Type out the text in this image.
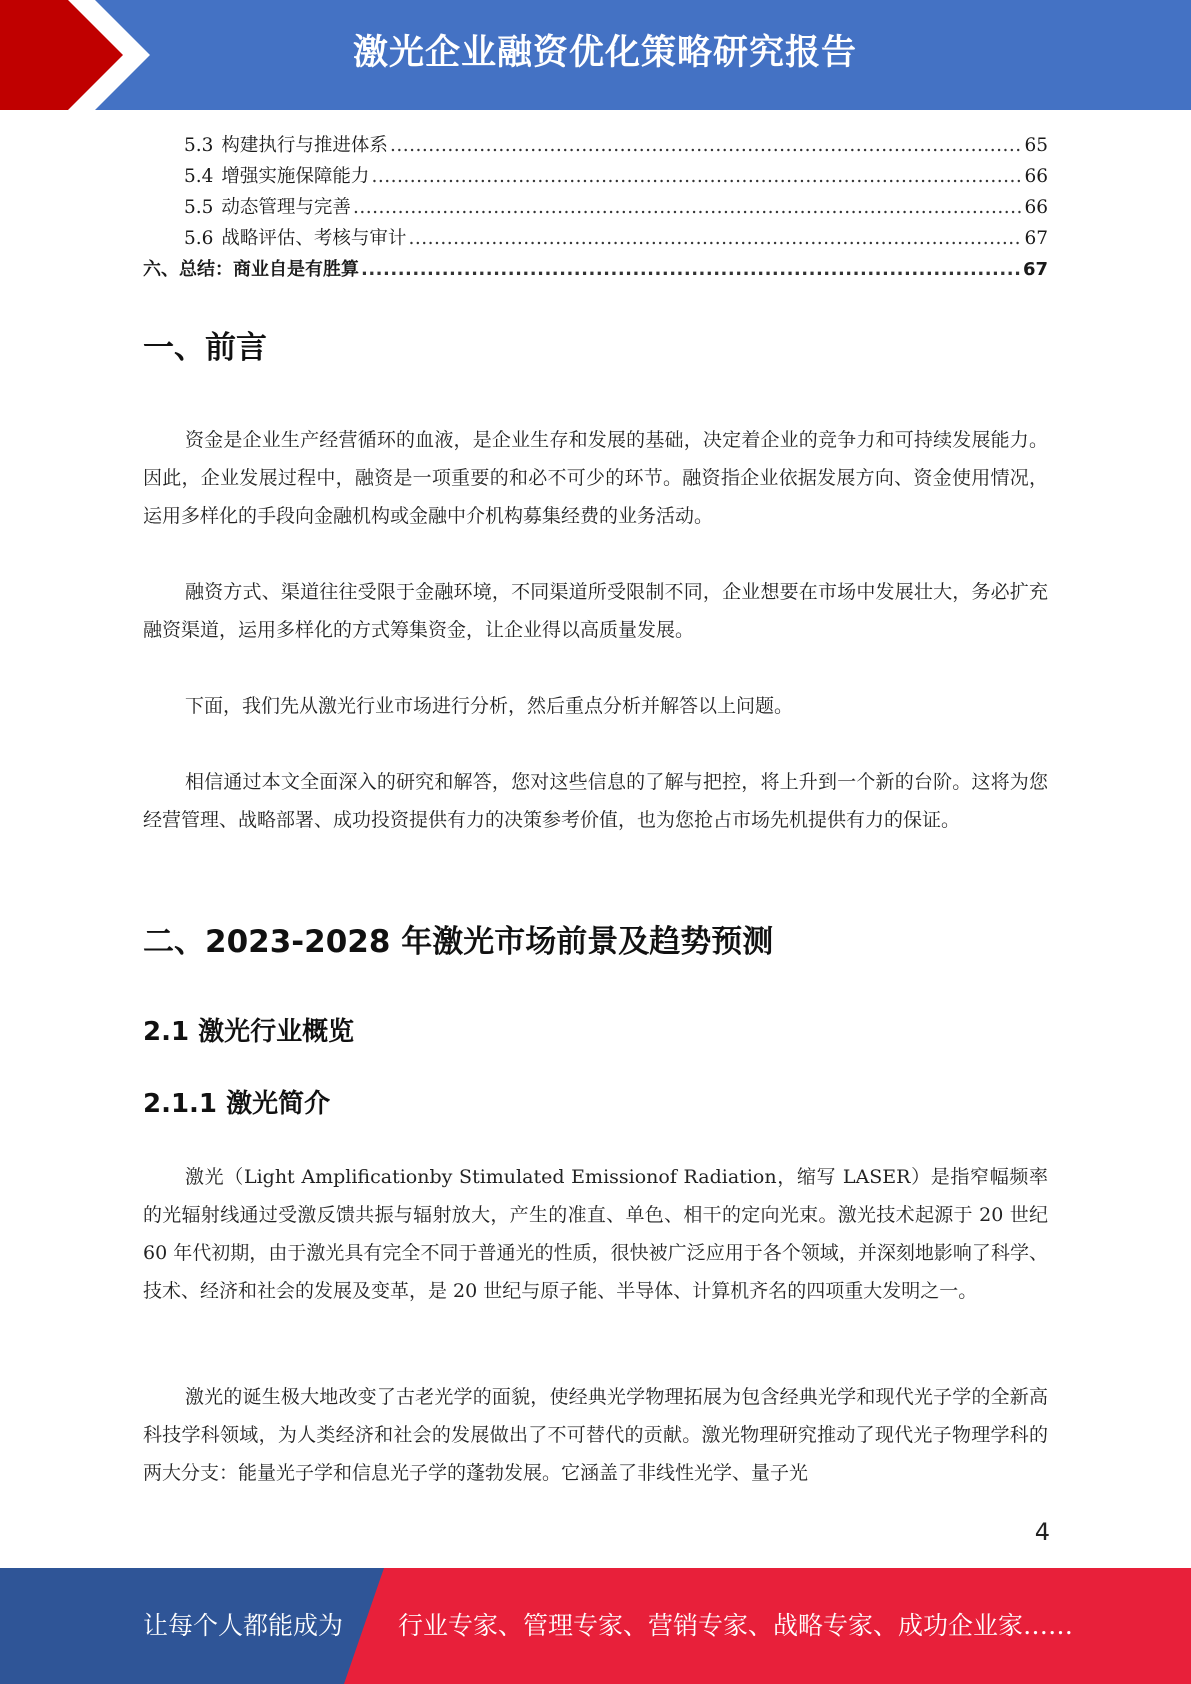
激光企业融资优化策略研究报告
5.3 构建执行与推进体系 .....	65
5.4 增强实施保障能力 .....	66
5.5 动态管理与完善 .....	66
5.6 战略评估、考核与审计 .....	67
六、总结：商业自是有胜算 .....	67
一、前言

资金是企业生产经营循环的血液，是企业生存和发展的基础，决定着企业的竞争力和可持续发展能力。因此，企业发展过程中，融资是一项重要的和必不可少的环节。融资指企业依据发展方向、资金使用情况，运用多样化的手段向金融机构或金融中介机构募集经费的业务活动。

融资方式、渠道往往受限于金融环境，不同渠道所受限制不同，企业想要在市场中发展壮大，务必扩充融资渠道，运用多样化的方式筹集资金，让企业得以高质量发展。

下面，我们先从激光行业市场进行分析，然后重点分析并解答以上问题。

相信通过本文全面深入的研究和解答，您对这些信息的了解与把控，将上升到一个新的台阶。这将为您经营管理、战略部署、成功投资提供有力的决策参考价值，也为您抢占市场先机提供有力的保证。

二、2023-2028 年激光市场前景及趋势预测
2.1 激光行业概览
2.1.1 激光简介

激光（Light Amplificationby Stimulated Emissionof Radiation，缩写 LASER）是指窄幅频率的光辐射线通过受激反馈共振与辐射放大，产生的准直、单色、相干的定向光束。激光技术起源于 20 世纪 60 年代初期，由于激光具有完全不同于普通光的性质，很快被广泛应用于各个领域，并深刻地影响了科学、技术、经济和社会的发展及变革，是 20 世纪与原子能、半导体、计算机齐名的四项重大发明之一。

激光的诞生极大地改变了古老光学的面貌，使经典光学物理拓展为包含经典光学和现代光子学的全新高科技学科领域，为人类经济和社会的发展做出了不可替代的贡献。激光物理研究推动了现代光子物理学科的两大分支：能量光子学和信息光子学的蓬勃发展。它涵盖了非线性光学、量子光

4
让每个人都能成为 行业专家、管理专家、营销专家、战略专家、成功企业家……
